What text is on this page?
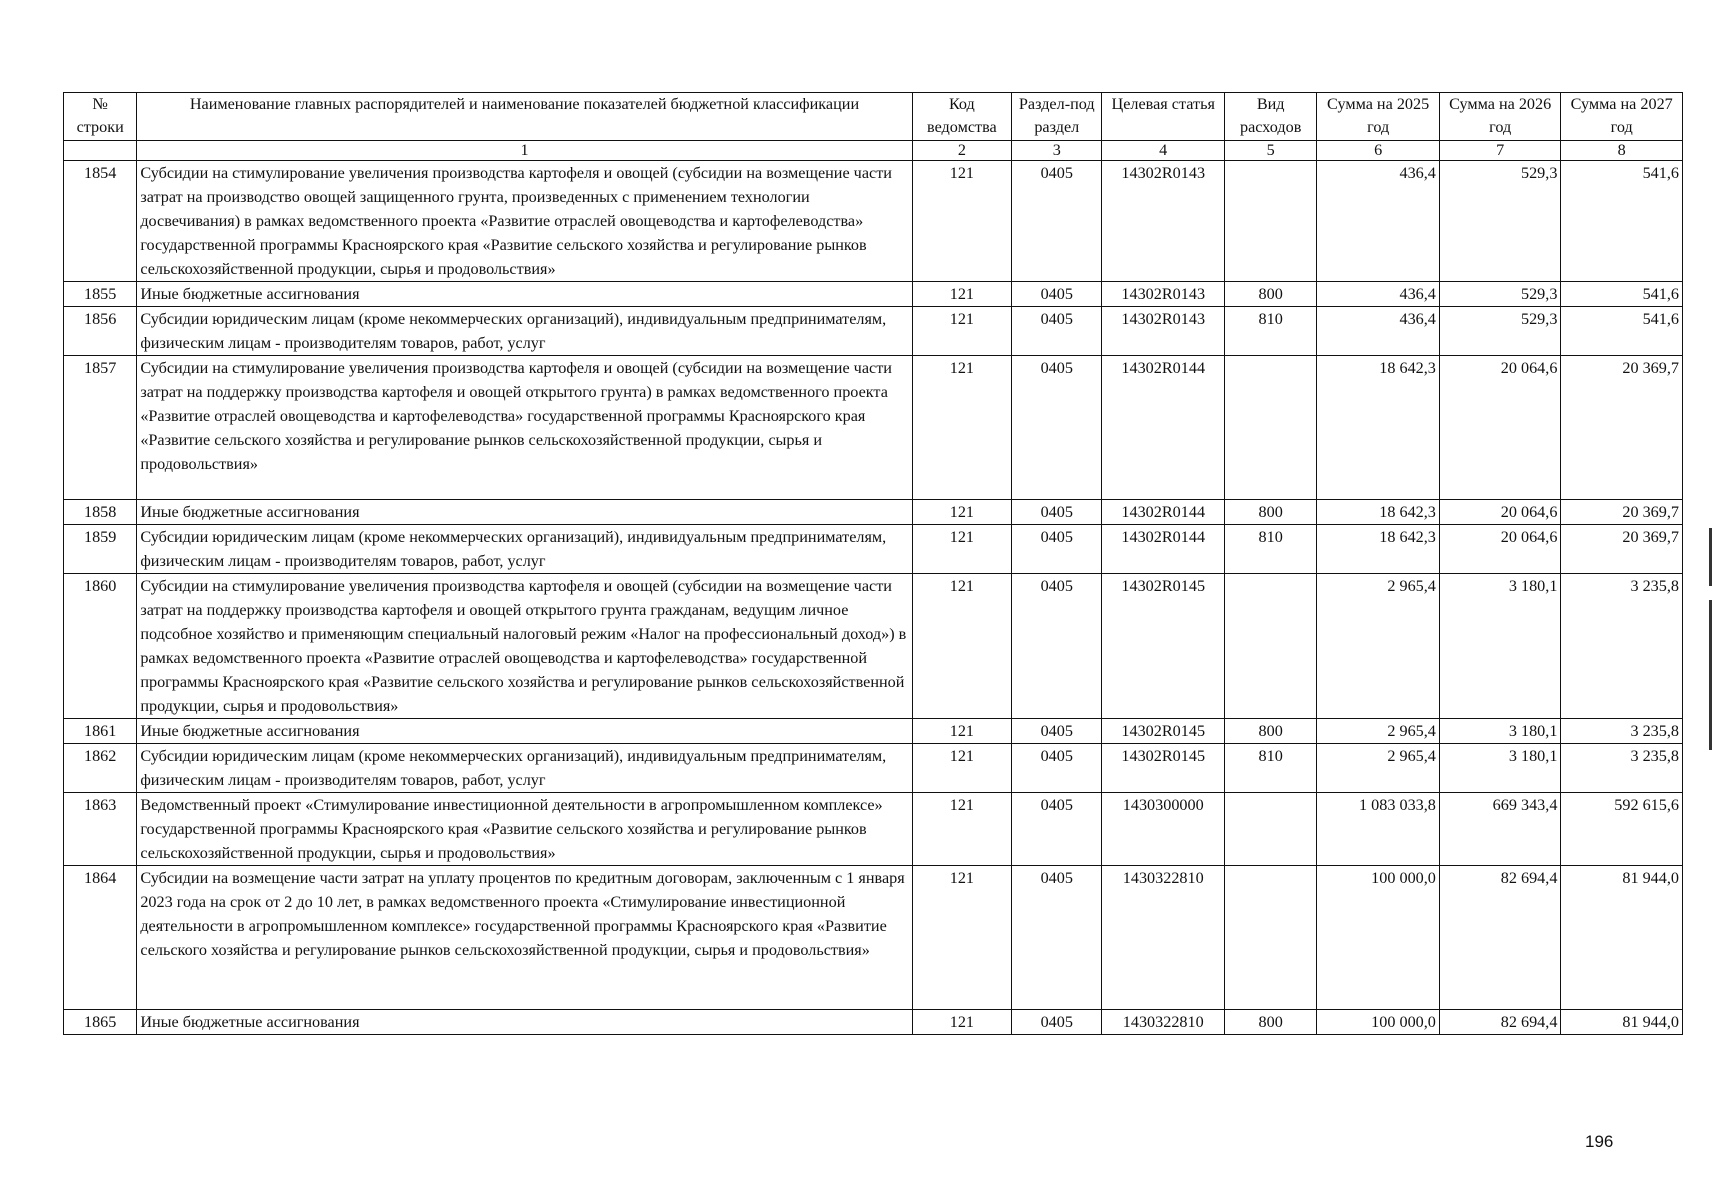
№ строки	Наименование главных распорядителей и наименование показателей бюджетной классификации	Код ведомства	Раздел-подраздел	Целевая статья	Вид расходов	Сумма на 2025 год	Сумма на 2026 год	Сумма на 2027 год
	1	2	3	4	5	6	7	8
1854	Субсидии на стимулирование увеличения производства картофеля и овощей (субсидии на возмещение части затрат на производство овощей защищенного грунта, произведенных с применением технологии досвечивания) в рамках ведомственного проекта «Развитие отраслей овощеводства и картофелеводства» государственной программы Красноярского края «Развитие сельского хозяйства и регулирование рынков сельскохозяйственной продукции, сырья и продовольствия»	121	0405	14302R0143		436,4	529,3	541,6
1855	Иные бюджетные ассигнования	121	0405	14302R0143	800	436,4	529,3	541,6
1856	Субсидии юридическим лицам (кроме некоммерческих организаций), индивидуальным предпринимателям, физическим лицам - производителям товаров, работ, услуг	121	0405	14302R0143	810	436,4	529,3	541,6
1857	Субсидии на стимулирование увеличения производства картофеля и овощей (субсидии на возмещение части затрат на поддержку производства картофеля и овощей открытого грунта) в рамках ведомственного проекта «Развитие отраслей овощеводства и картофелеводства» государственной программы Красноярского края «Развитие сельского хозяйства и регулирование рынков сельскохозяйственной продукции, сырья и продовольствия»	121	0405	14302R0144		18 642,3	20 064,6	20 369,7
1858	Иные бюджетные ассигнования	121	0405	14302R0144	800	18 642,3	20 064,6	20 369,7
1859	Субсидии юридическим лицам (кроме некоммерческих организаций), индивидуальным предпринимателям, физическим лицам - производителям товаров, работ, услуг	121	0405	14302R0144	810	18 642,3	20 064,6	20 369,7
1860	Субсидии на стимулирование увеличения производства картофеля и овощей (субсидии на возмещение части затрат на поддержку производства картофеля и овощей открытого грунта гражданам, ведущим личное подсобное хозяйство и применяющим специальный налоговый режим «Налог на профессиональный доход») в рамках ведомственного проекта «Развитие отраслей овощеводства и картофелеводства» государственной программы Красноярского края «Развитие сельского хозяйства и регулирование рынков сельскохозяйственной продукции, сырья и продовольствия»	121	0405	14302R0145		2 965,4	3 180,1	3 235,8
1861	Иные бюджетные ассигнования	121	0405	14302R0145	800	2 965,4	3 180,1	3 235,8
1862	Субсидии юридическим лицам (кроме некоммерческих организаций), индивидуальным предпринимателям, физическим лицам - производителям товаров, работ, услуг	121	0405	14302R0145	810	2 965,4	3 180,1	3 235,8
1863	Ведомственный проект «Стимулирование инвестиционной деятельности в агропромышленном комплексе» государственной программы Красноярского края «Развитие сельского хозяйства и регулирование рынков сельскохозяйственной продукции, сырья и продовольствия»	121	0405	1430300000		1 083 033,8	669 343,4	592 615,6
1864	Субсидии на возмещение части затрат на уплату процентов по кредитным договорам, заключенным с 1 января 2023 года на срок от 2 до 10 лет, в рамках ведомственного проекта «Стимулирование инвестиционной деятельности в агропромышленном комплексе» государственной программы Красноярского края «Развитие сельского хозяйства и регулирование рынков сельскохозяйственной продукции, сырья и продовольствия»	121	0405	1430322810		100 000,0	82 694,4	81 944,0
1865	Иные бюджетные ассигнования	121	0405	1430322810	800	100 000,0	82 694,4	81 944,0
196
